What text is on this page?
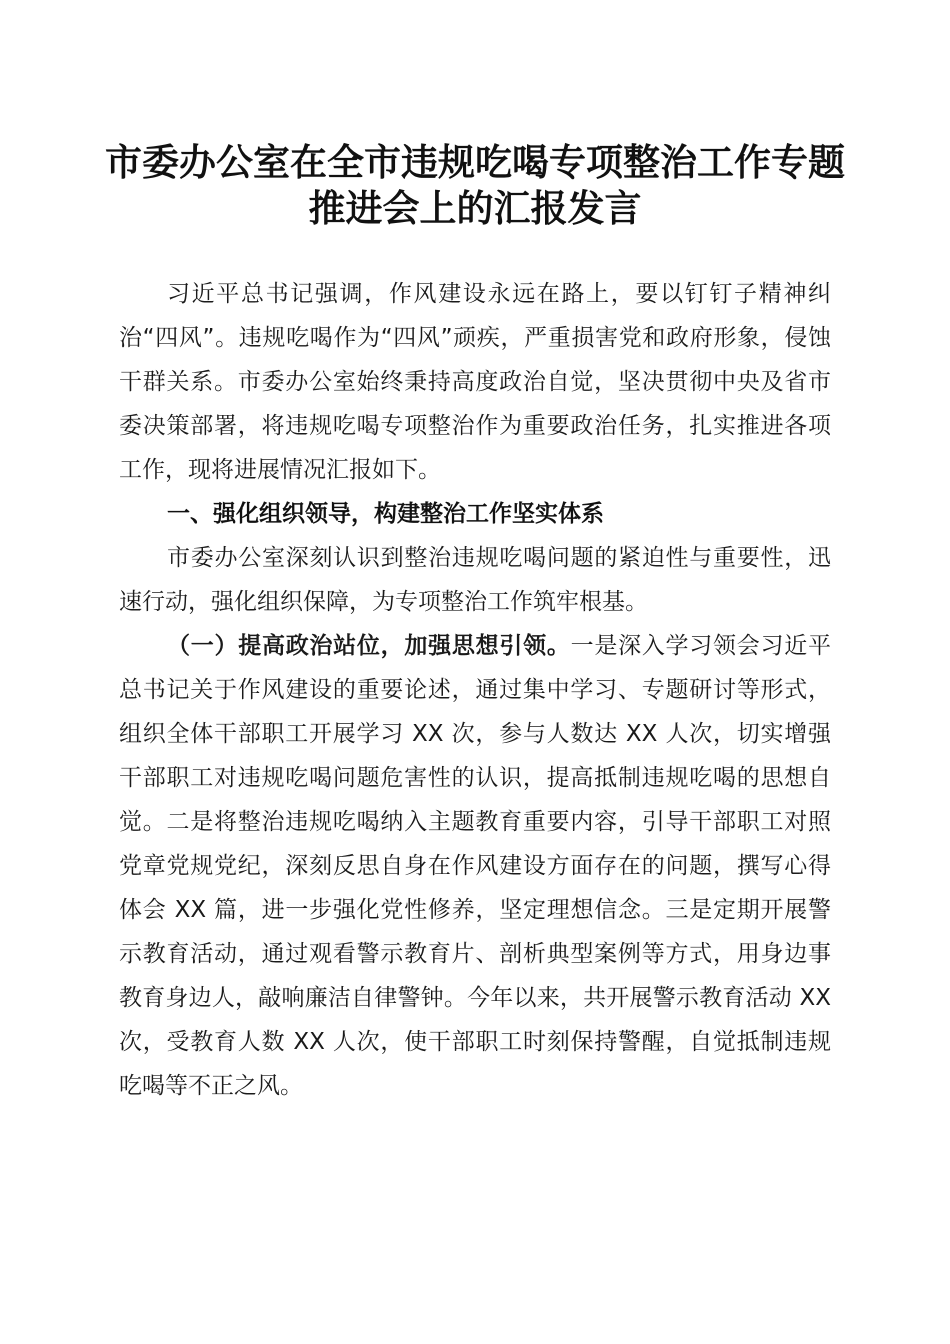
市委办公室在全市违规吃喝专项整治工作专题
推进会上的汇报发言

习近平总书记强调，作风建设永远在路上，要以钉钉子精神纠治“四风”。违规吃喝作为“四风”顽疾，严重损害党和政府形象，侵蚀干群关系。市委办公室始终秉持高度政治自觉，坚决贯彻中央及省市委决策部署，将违规吃喝专项整治作为重要政治任务，扎实推进各项工作，现将进展情况汇报如下。

一、强化组织领导，构建整治工作坚实体系

市委办公室深刻认识到整治违规吃喝问题的紧迫性与重要性，迅速行动，强化组织保障，为专项整治工作筑牢根基。

（一）提高政治站位，加强思想引领。一是深入学习领会习近平总书记关于作风建设的重要论述，通过集中学习、专题研讨等形式，组织全体干部职工开展学习 XX 次，参与人数达 XX 人次，切实增强干部职工对违规吃喝问题危害性的认识，提高抵制违规吃喝的思想自觉。二是将整治违规吃喝纳入主题教育重要内容，引导干部职工对照党章党规党纪，深刻反思自身在作风建设方面存在的问题，撰写心得体会 XX 篇，进一步强化党性修养，坚定理想信念。三是定期开展警示教育活动，通过观看警示教育片、剖析典型案例等方式，用身边事教育身边人，敲响廉洁自律警钟。今年以来，共开展警示教育活动 XX 次，受教育人数 XX 人次，使干部职工时刻保持警醒，自觉抵制违规吃喝等不正之风。
